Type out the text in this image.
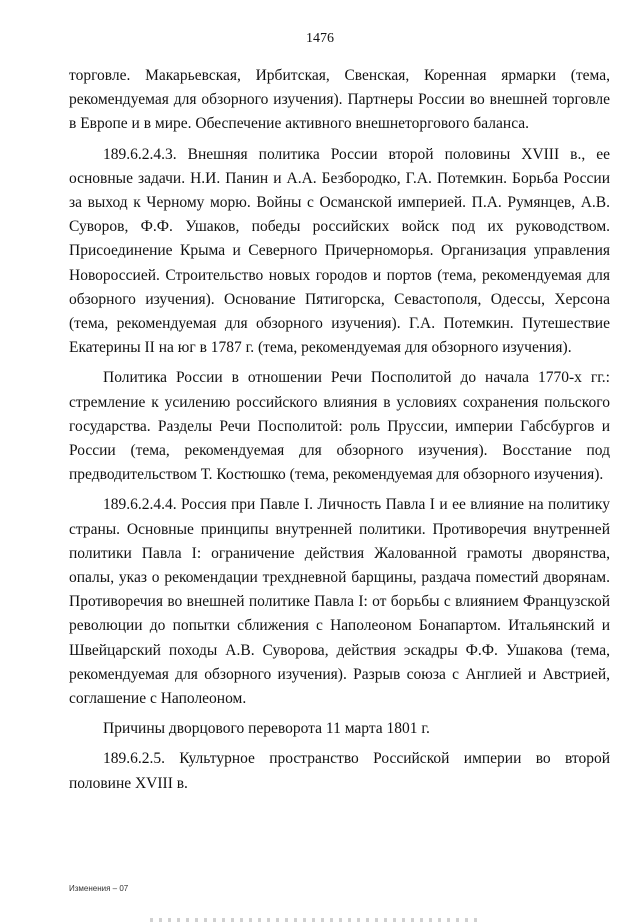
1476

торговле. Макарьевская, Ирбитская, Свенская, Коренная ярмарки (тема, рекомендуемая для обзорного изучения). Партнеры России во внешней торговле в Европе и в мире. Обеспечение активного внешнеторгового баланса.

189.6.2.4.3. Внешняя политика России второй половины XVIII в., ее основные задачи. Н.И. Панин и А.А. Безбородко, Г.А. Потемкин. Борьба России за выход к Черному морю. Войны с Османской империей. П.А. Румянцев, А.В. Суворов, Ф.Ф. Ушаков, победы российских войск под их руководством. Присоединение Крыма и Северного Причерноморья. Организация управления Новороссией. Строительство новых городов и портов (тема, рекомендуемая для обзорного изучения). Основание Пятигорска, Севастополя, Одессы, Херсона (тема, рекомендуемая для обзорного изучения). Г.А. Потемкин. Путешествие Екатерины II на юг в 1787 г. (тема, рекомендуемая для обзорного изучения).

Политика России в отношении Речи Посполитой до начала 1770-х гг.: стремление к усилению российского влияния в условиях сохранения польского государства. Разделы Речи Посполитой: роль Пруссии, империи Габсбургов и России (тема, рекомендуемая для обзорного изучения). Восстание под предводительством Т. Костюшко (тема, рекомендуемая для обзорного изучения).

189.6.2.4.4. Россия при Павле I. Личность Павла I и ее влияние на политику страны. Основные принципы внутренней политики. Противоречия внутренней политики Павла I: ограничение действия Жалованной грамоты дворянства, опалы, указ о рекомендации трехдневной барщины, раздача поместий дворянам. Противоречия во внешней политике Павла I: от борьбы с влиянием Французской революции до попытки сближения с Наполеоном Бонапартом. Итальянский и Швейцарский походы А.В. Суворова, действия эскадры Ф.Ф. Ушакова (тема, рекомендуемая для обзорного изучения). Разрыв союза с Англией и Австрией, соглашение с Наполеоном.

Причины дворцового переворота 11 марта 1801 г.

189.6.2.5. Культурное пространство Российской империи во второй половине XVIII в.

Изменения – 07
